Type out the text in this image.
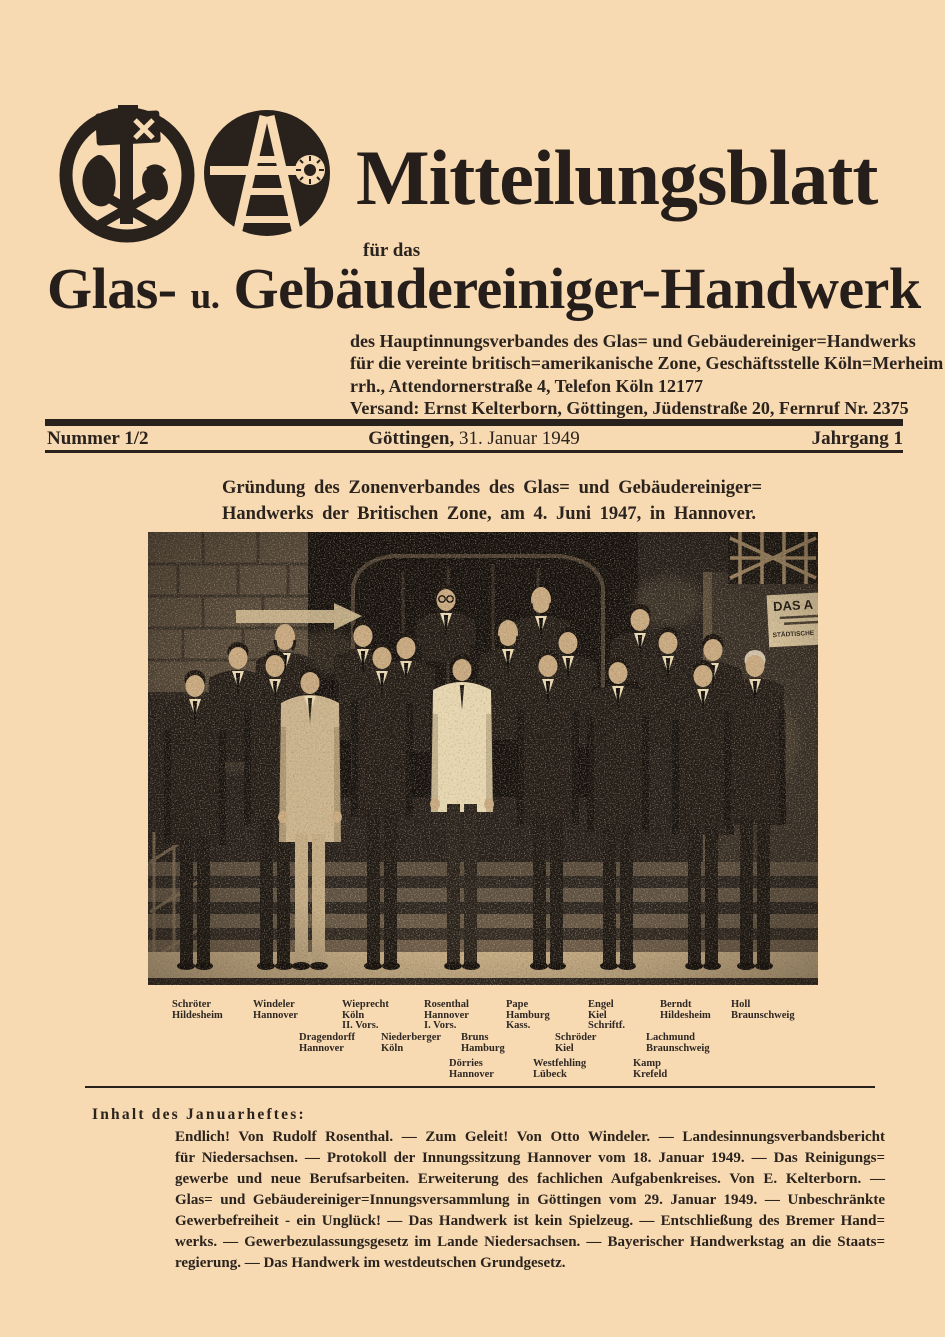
Mitteilungsblatt
für das
Glas- u. Gebäudereiniger-Handwerk
des Hauptinnungsverbandes des Glas= und Gebäudereiniger=Handwerks
für die vereinte britisch=amerikanische Zone, Geschäftsstelle Köln=Merheim
rrh., Attendornerstraße 4, Telefon Köln 12177
Versand: Ernst Kelterborn, Göttingen, Jüdenstraße 20, Fernruf Nr. 2375
Nummer 1/2	Göttingen, 31. Januar 1949	Jahrgang 1
Gründung des Zonenverbandes des Glas= und Gebäudereiniger=
Handwerks der Britischen Zone, am 4. Juni 1947, in Hannover.
Schröter
Hildesheim
Windeler
Hannover
Wieprecht
Köln
II. Vors.
Rosenthal
Hannover
I. Vors.
Pape
Hamburg
Kass.
Engel
Kiel
Schriftf.
Berndt
Hildesheim
Holl
Braunschweig
Dragendorff
Hannover
Niederberger
Köln
Bruns
Hamburg
Schröder
Kiel
Lachmund
Braunschweig
Dörries
Hannover
Westfehling
Lübeck
Kamp
Krefeld
Inhalt des Januarheftes:
Endlich! Von Rudolf Rosenthal. — Zum Geleit! Von Otto Windeler. — Landesinnungsverbandsbericht
für Niedersachsen. — Protokoll der Innungssitzung Hannover vom 18. Januar 1949. — Das Reinigungs=
gewerbe und neue Berufsarbeiten. Erweiterung des fachlichen Aufgabenkreises. Von E. Kelterborn. —
Glas= und Gebäudereiniger=Innungsversammlung in Göttingen vom 29. Januar 1949. — Unbeschränkte
Gewerbefreiheit - ein Unglück! — Das Handwerk ist kein Spielzeug. — Entschließung des Bremer Hand=
werks. — Gewerbezulassungsgesetz im Lande Niedersachsen. — Bayerischer Handwerkstag an die Staats=
regierung. — Das Handwerk im westdeutschen Grundgesetz.
